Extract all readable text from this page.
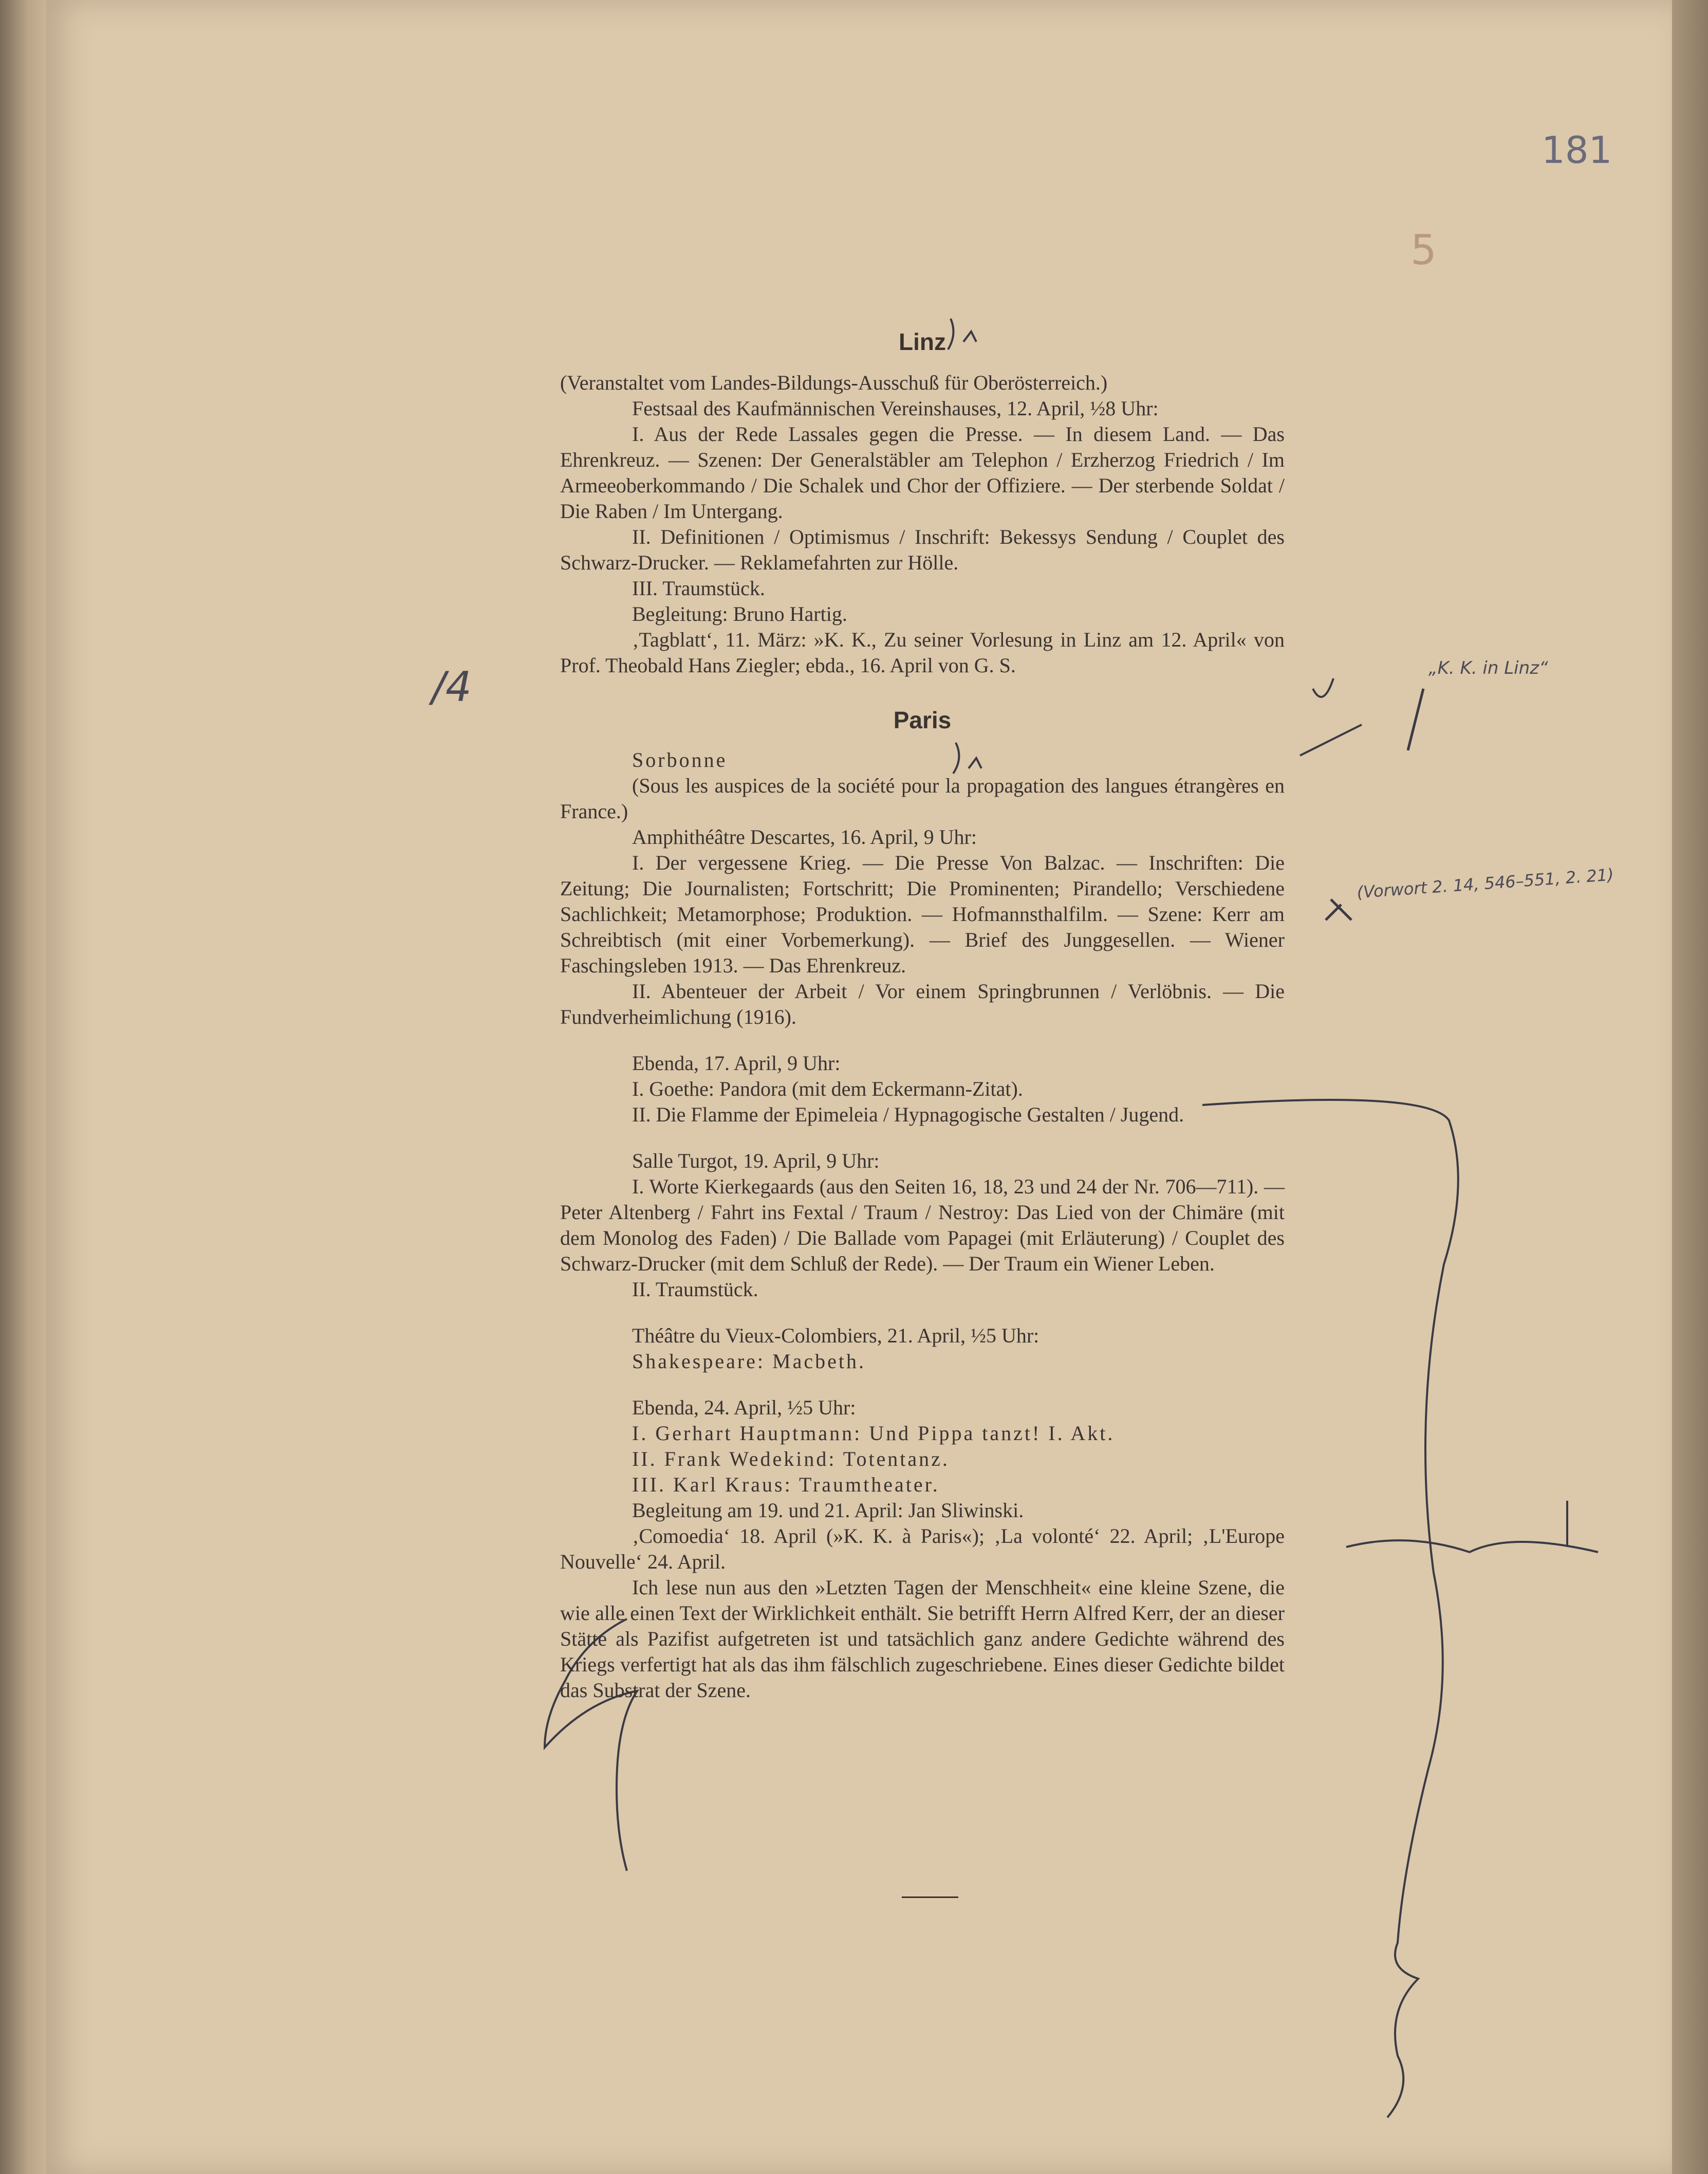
181
5
/4	„K. K. in Linz“
(Vorwort 2. 14, 546–551, 2. 21)
Linz

(Veranstaltet vom Landes-Bildungs-Ausschuß für Oberösterreich.)

Festsaal des Kaufmännischen Vereinshauses, 12. April, ½8 Uhr:

I. Aus der Rede Lassales gegen die Presse. — In diesem Land. — Das Ehrenkreuz. — Szenen: Der Generalstäbler am Telephon / Erzherzog Friedrich / Im Armeeoberkommando / Die Schalek und Chor der Offiziere. — Der sterbende Soldat / Die Raben / Im Untergang.

II. Definitionen / Optimismus / Inschrift: Bekessys Sendung / Couplet des Schwarz-Drucker. — Reklamefahrten zur Hölle.

III. Traumstück.

Begleitung: Bruno Hartig.

‚Tagblatt‘, 11. März: »K. K., Zu seiner Vorlesung in Linz am 12. April« von Prof. Theobald Hans Ziegler; ebda., 16. April von G. S.

Paris

Sorbonne

(Sous les auspices de la société pour la propagation des langues étrangères en France.)

Amphithéâtre Descartes, 16. April, 9 Uhr:

I. Der vergessene Krieg. — Die Presse Von Balzac. — Inschriften: Die Zeitung; Die Journalisten; Fortschritt; Die Prominenten; Pirandello; Verschiedene Sachlichkeit; Metamorphose; Produktion. — Hofmannsthalfilm. — Szene: Kerr am Schreibtisch (mit einer Vorbemerkung). — Brief des Junggesellen. — Wiener Faschingsleben 1913. — Das Ehrenkreuz.

II. Abenteuer der Arbeit / Vor einem Springbrunnen / Verlöbnis. — Die Fundverheimlichung (1916).

Ebenda, 17. April, 9 Uhr:

I. Goethe: Pandora (mit dem Eckermann-Zitat).

II. Die Flamme der Epimeleia / Hypnagogische Gestalten / Jugend.

Salle Turgot, 19. April, 9 Uhr:

I. Worte Kierkegaards (aus den Seiten 16, 18, 23 und 24 der Nr. 706—711). — Peter Altenberg / Fahrt ins Fextal / Traum / Nestroy: Das Lied von der Chimäre (mit dem Monolog des Faden) / Die Ballade vom Papagei (mit Erläuterung) / Couplet des Schwarz-Drucker (mit dem Schluß der Rede). — Der Traum ein Wiener Leben.

II. Traumstück.

Théâtre du Vieux-Colombiers, 21. April, ½5 Uhr:

Shakespeare: Macbeth.

Ebenda, 24. April, ½5 Uhr:

I. Gerhart Hauptmann: Und Pippa tanzt! I. Akt.

II. Frank Wedekind: Totentanz.

III. Karl Kraus: Traumtheater.

Begleitung am 19. und 21. April: Jan Sliwinski.

‚Comoedia‘ 18. April (»K. K. à Paris«); ‚La volonté‘ 22. April; ‚L'Europe Nouvelle‘ 24. April.

Ich lese nun aus den »Letzten Tagen der Menschheit« eine kleine Szene, die wie alle einen Text der Wirklichkeit enthält. Sie betrifft Herrn Alfred Kerr, der an dieser Stätte als Pazifist aufgetreten ist und tatsächlich ganz andere Gedichte während des Kriegs verfertigt hat als das ihm fälschlich zugeschriebene. Eines dieser Gedichte bildet das Substrat der Szene.
